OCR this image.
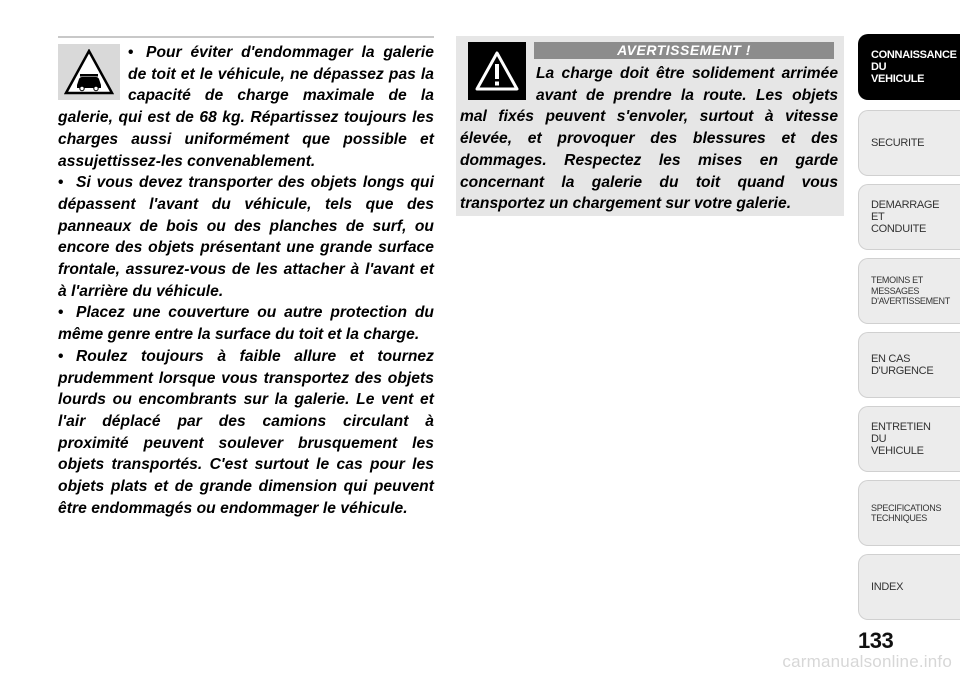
• Pour éviter d'endommager la galerie de toit et le véhicule, ne dépassez pas la capacité de charge maximale de la galerie, qui est de 68 kg. Répartissez toujours les charges aussi uniformément que possible et assujettissez-les convenablement.

• Si vous devez transporter des objets longs qui dépassent l'avant du véhicule, tels que des panneaux de bois ou des planches de surf, ou encore des objets présentant une grande surface frontale, assurez-vous de les attacher à l'avant et à l'arrière du véhicule.

• Placez une couverture ou autre protection du même genre entre la surface du toit et la charge.

• Roulez toujours à faible allure et tournez prudemment lorsque vous transportez des objets lourds ou encombrants sur la galerie. Le vent et l'air déplacé par des camions circulant à proximité peuvent soulever brusquement les objets transportés. C'est surtout le cas pour les objets plats et de grande dimension qui peuvent être endommagés ou endommager le véhicule.

AVERTISSEMENT !
La charge doit être solidement arrimée avant de prendre la route. Les objets mal fixés peuvent s'envoler, surtout à vitesse élevée, et provoquer des blessures et des dommages. Respectez les mises en garde concernant la galerie du toit quand vous transportez un chargement sur votre galerie.
CONNAISSANCE DU VEHICULE
SECURITE
DEMARRAGE ET CONDUITE
TEMOINS ET MESSAGES D'AVERTISSEMENT
EN CAS D'URGENCE
ENTRETIEN DU VEHICULE
SPECIFICATIONS TECHNIQUES
INDEX
133
carmanualsonline.info
